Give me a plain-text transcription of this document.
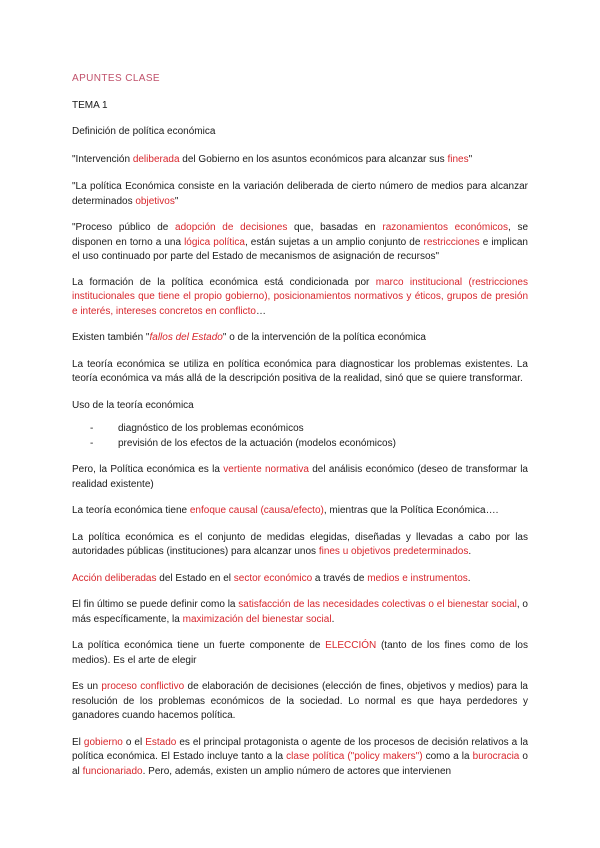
APUNTES CLASE

TEMA 1

Definición de política económica

"Intervención deliberada del Gobierno en los asuntos económicos para alcanzar sus fines"

"La política Económica consiste en la variación deliberada de cierto número de medios para alcanzar determinados objetivos"

"Proceso público de adopción de decisiones que, basadas en razonamientos económicos, se disponen en torno a una lógica política, están sujetas a un amplio conjunto de restricciones e implican el uso continuado por parte del Estado de mecanismos de asignación de recursos"

La formación de la política económica está condicionada por marco institucional (restricciones institucionales que tiene el propio gobierno), posicionamientos normativos y éticos, grupos de presión e interés, intereses concretos en conflicto…

Existen también "fallos del Estado" o de la intervención de la política económica

La teoría económica se utiliza en política económica para diagnosticar los problemas existentes. La teoría económica va más allá de la descripción positiva de la realidad, sinó que se quiere transformar.

Uso de la teoría económica

- diagnóstico de los problemas económicos
- previsión de los efectos de la actuación (modelos económicos)

Pero, la Política económica es la vertiente normativa del análisis económico (deseo de transformar la realidad existente)

La teoría económica tiene enfoque causal (causa/efecto), mientras que la Política Económica….

La política económica es el conjunto de medidas elegidas, diseñadas y llevadas a cabo por las autoridades públicas (instituciones) para alcanzar unos fines u objetivos predeterminados.

Acción deliberadas del Estado en el sector económico a través de medios e instrumentos.

El fin último se puede definir como la satisfacción de las necesidades colectivas o el bienestar social, o más específicamente, la maximización del bienestar social.

La política económica tiene un fuerte componente de ELECCIÓN (tanto de los fines como de los medios). Es el arte de elegir

Es un proceso conflictivo de elaboración de decisiones (elección de fines, objetivos y medios) para la resolución de los problemas económicos de la sociedad. Lo normal es que haya perdedores y ganadores cuando hacemos política.

El gobierno o el Estado es el principal protagonista o agente de los procesos de decisión relativos a la política económica. El Estado incluye tanto a la clase política ("policy makers") como a la burocracia o al funcionariado. Pero, además, existen un amplio número de actores que intervienen
